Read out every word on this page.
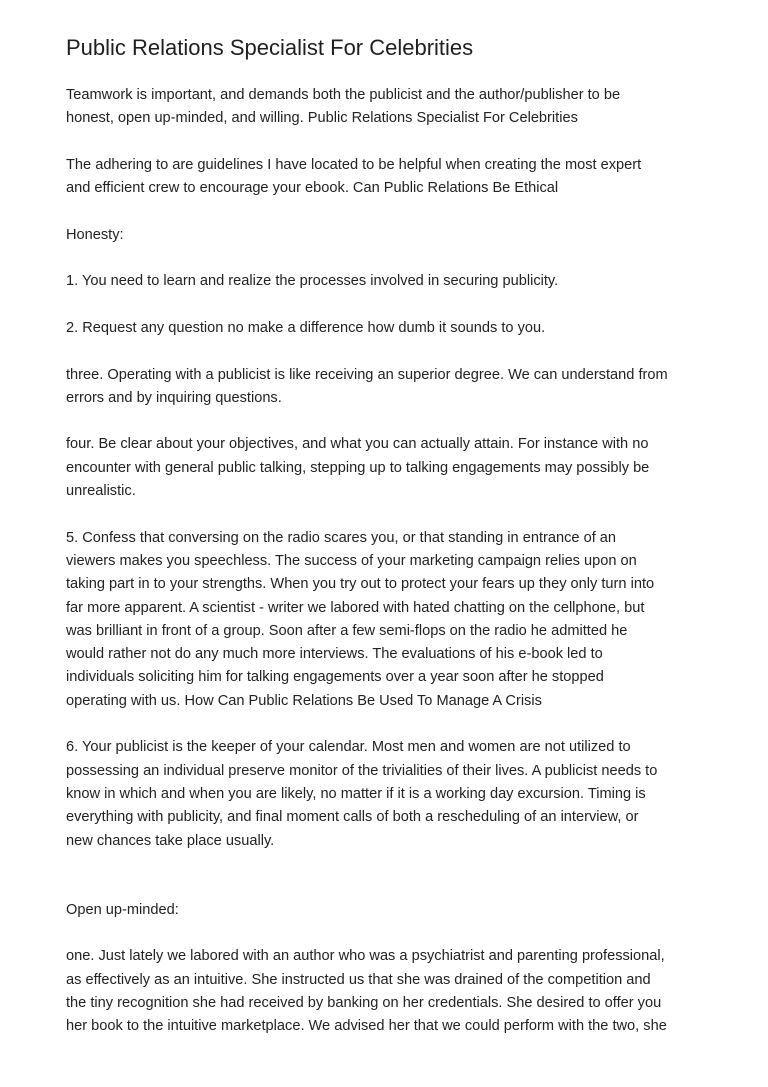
Public Relations Specialist For Celebrities
Teamwork is important, and demands both the publicist and the author/publisher to be
honest, open up-minded, and willing. Public Relations Specialist For Celebrities
The adhering to are guidelines I have located to be helpful when creating the most expert
and efficient crew to encourage your ebook. Can Public Relations Be Ethical
Honesty:
1. You need to learn and realize the processes involved in securing publicity.
2. Request any question no make a difference how dumb it sounds to you.
three. Operating with a publicist is like receiving an superior degree. We can understand from
errors and by inquiring questions.
four. Be clear about your objectives, and what you can actually attain. For instance with no
encounter with general public talking, stepping up to talking engagements may possibly be
unrealistic.
5. Confess that conversing on the radio scares you, or that standing in entrance of an
viewers makes you speechless. The success of your marketing campaign relies upon on
taking part in to your strengths. When you try out to protect your fears up they only turn into
far more apparent. A scientist - writer we labored with hated chatting on the cellphone, but
was brilliant in front of a group. Soon after a few semi-flops on the radio he admitted he
would rather not do any much more interviews. The evaluations of his e-book led to
individuals soliciting him for talking engagements over a year soon after he stopped
operating with us. How Can Public Relations Be Used To Manage A Crisis
6. Your publicist is the keeper of your calendar. Most men and women are not utilized to
possessing an individual preserve monitor of the trivialities of their lives. A publicist needs to
know in which and when you are likely, no matter if it is a working day excursion. Timing is
everything with publicity, and final moment calls of both a rescheduling of an interview, or
new chances take place usually.
Open up-minded:
one. Just lately we labored with an author who was a psychiatrist and parenting professional,
as effectively as an intuitive. She instructed us that she was drained of the competition and
the tiny recognition she had received by banking on her credentials. She desired to offer you
her book to the intuitive marketplace. We advised her that we could perform with the two, she
